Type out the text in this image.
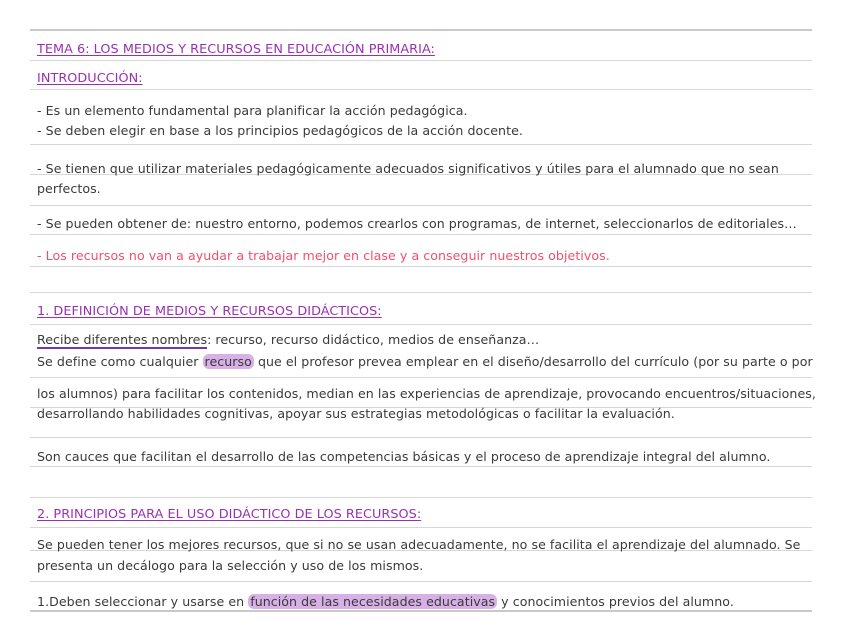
TEMA 6: LOS MEDIOS Y RECURSOS EN EDUCACIÓN PRIMARIA:
INTRODUCCIÓN:
- Es un elemento fundamental para planificar la acción pedagógica.
- Se deben elegir en base a los principios pedagógicos de la acción docente.
- Se tienen que utilizar materiales pedagógicamente adecuados significativos y útiles para el alumnado que no sean
perfectos.
- Se pueden obtener de: nuestro entorno, podemos crearlos con programas, de internet, seleccionarlos de editoriales…
- Los recursos no van a ayudar a trabajar mejor en clase y a conseguir nuestros objetivos.
1. DEFINICIÓN DE MEDIOS Y RECURSOS DIDÁCTICOS:
Recibe diferentes nombres: recurso, recurso didáctico, medios de enseñanza…
Se define como cualquier recurso que el profesor prevea emplear en el diseño/desarrollo del currículo (por su parte o por
los alumnos) para facilitar los contenidos, median en las experiencias de aprendizaje, provocando encuentros/situaciones,
desarrollando habilidades cognitivas, apoyar sus estrategias metodológicas o facilitar la evaluación.
Son cauces que facilitan el desarrollo de las competencias básicas y el proceso de aprendizaje integral del alumno.
2. PRINCIPIOS PARA EL USO DIDÁCTICO DE LOS RECURSOS:
Se pueden tener los mejores recursos, que si no se usan adecuadamente, no se facilita el aprendizaje del alumnado. Se
presenta un decálogo para la selección y uso de los mismos.
1.Deben seleccionar y usarse en función de las necesidades educativas y conocimientos previos del alumno.
